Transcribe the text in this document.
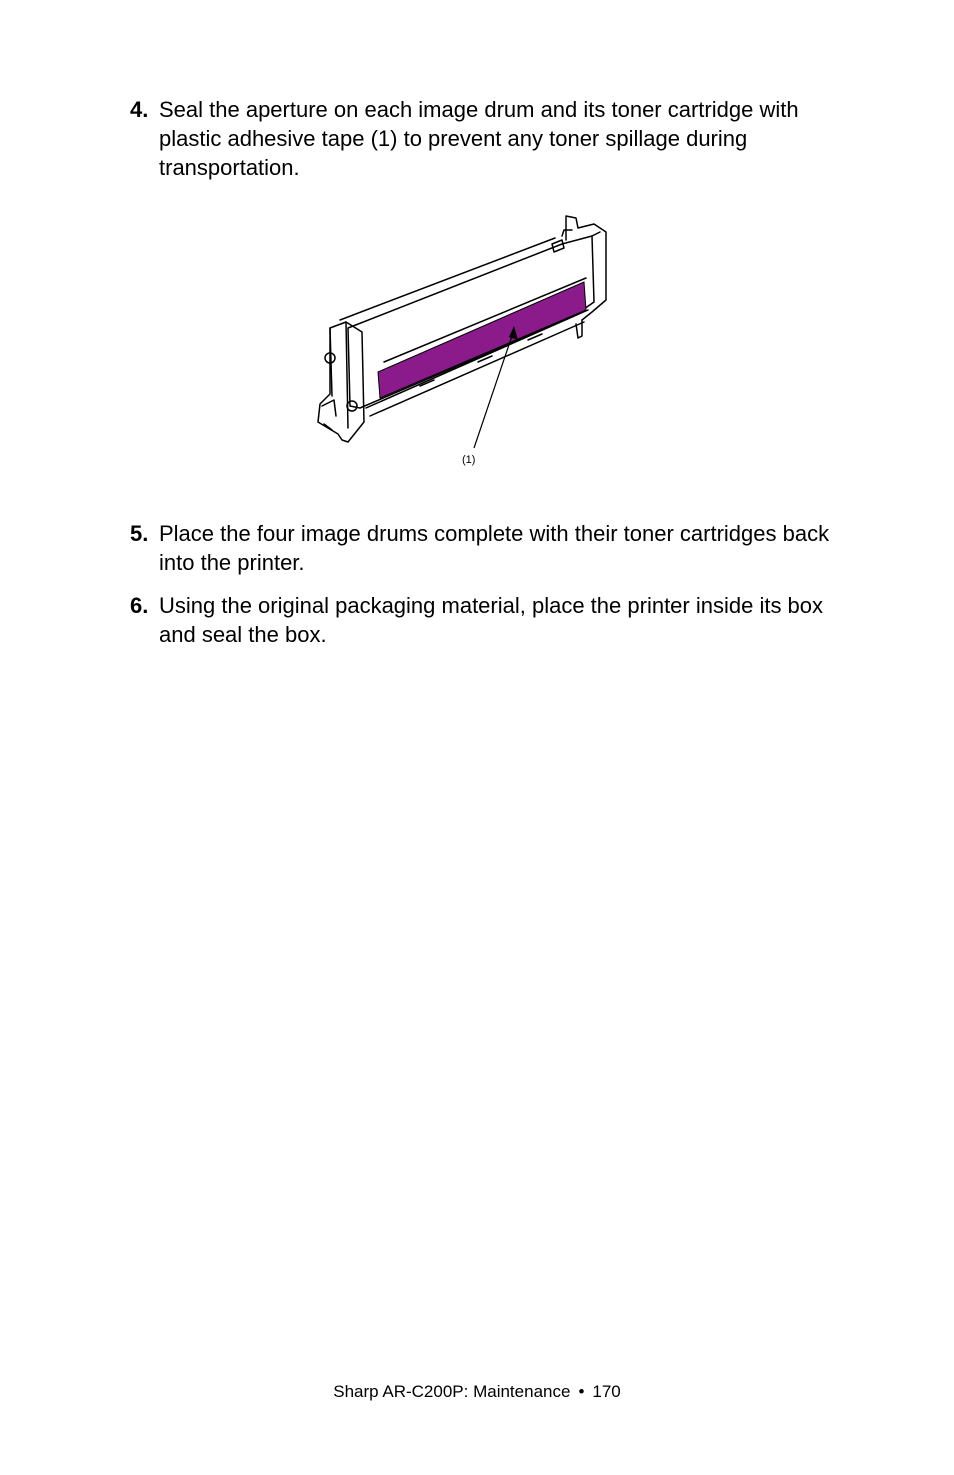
4. Seal the aperture on each image drum and its toner cartridge with plastic adhesive tape (1) to prevent any toner spillage during transportation.
(1)
5. Place the four image drums complete with their toner cartridges back into the printer.
6. Using the original packaging material, place the printer inside its box and seal the box.
Sharp AR-C200P: Maintenance • 170
